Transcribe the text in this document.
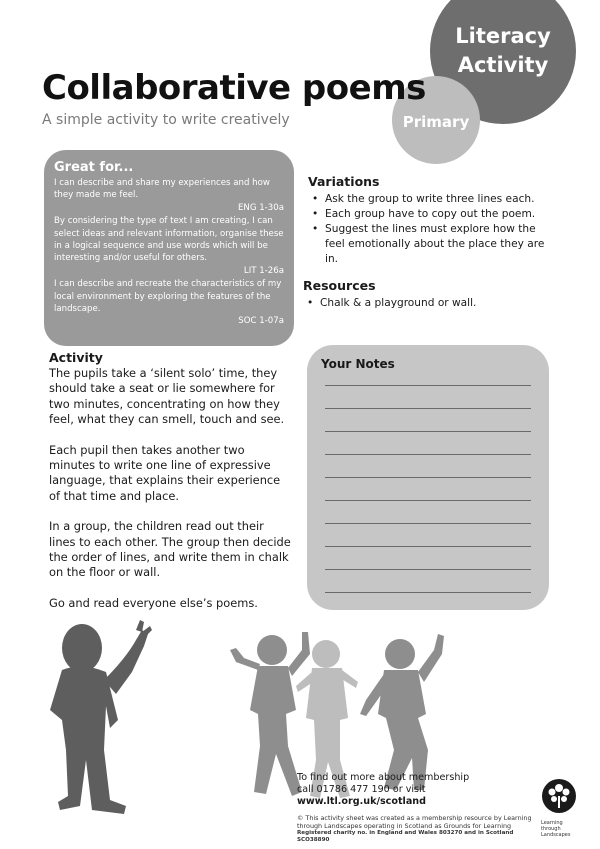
Literacy
Activity
Primary
Collaborative poems
A simple activity to write creatively
Great for...
I can describe and share my experiences and how they made me feel.
ENG 1-30a
By considering the type of text I am creating, I can select ideas and relevant information, organise these in a logical sequence and use words which will be interesting and/or useful for others.
LIT 1-26a
I can describe and recreate the characteristics of my local environment by exploring the features of the landscape.
SOC 1-07a
Variations
• Ask the group to write three lines each.
• Each group have to copy out the poem.
• Suggest the lines must explore how the feel emotionally about the place they are in.
Resources
• Chalk & a playground or wall.
Activity

The pupils take a ‘silent solo’ time, they should take a seat or lie somewhere for two minutes, concentrating on how they feel, what they can smell, touch and see.

Each pupil then takes another two minutes to write one line of expressive language, that explains their experience of that time and place.

In a group, the children read out their lines to each other. The group then decide the order of lines, and write them in chalk on the floor or wall.

Go and read everyone else’s poems.

Your Notes
To find out more about membership
call 01786 477 190 or visit www.ltl.org.uk/scotland
© This activity sheet was created as a membership resource by Learning through Landscapes operating in Scotland as Grounds for Learning
Registered charity no. in England and Wales 803270 and in Scotland SCO38890
Learning
through
Landscapes
